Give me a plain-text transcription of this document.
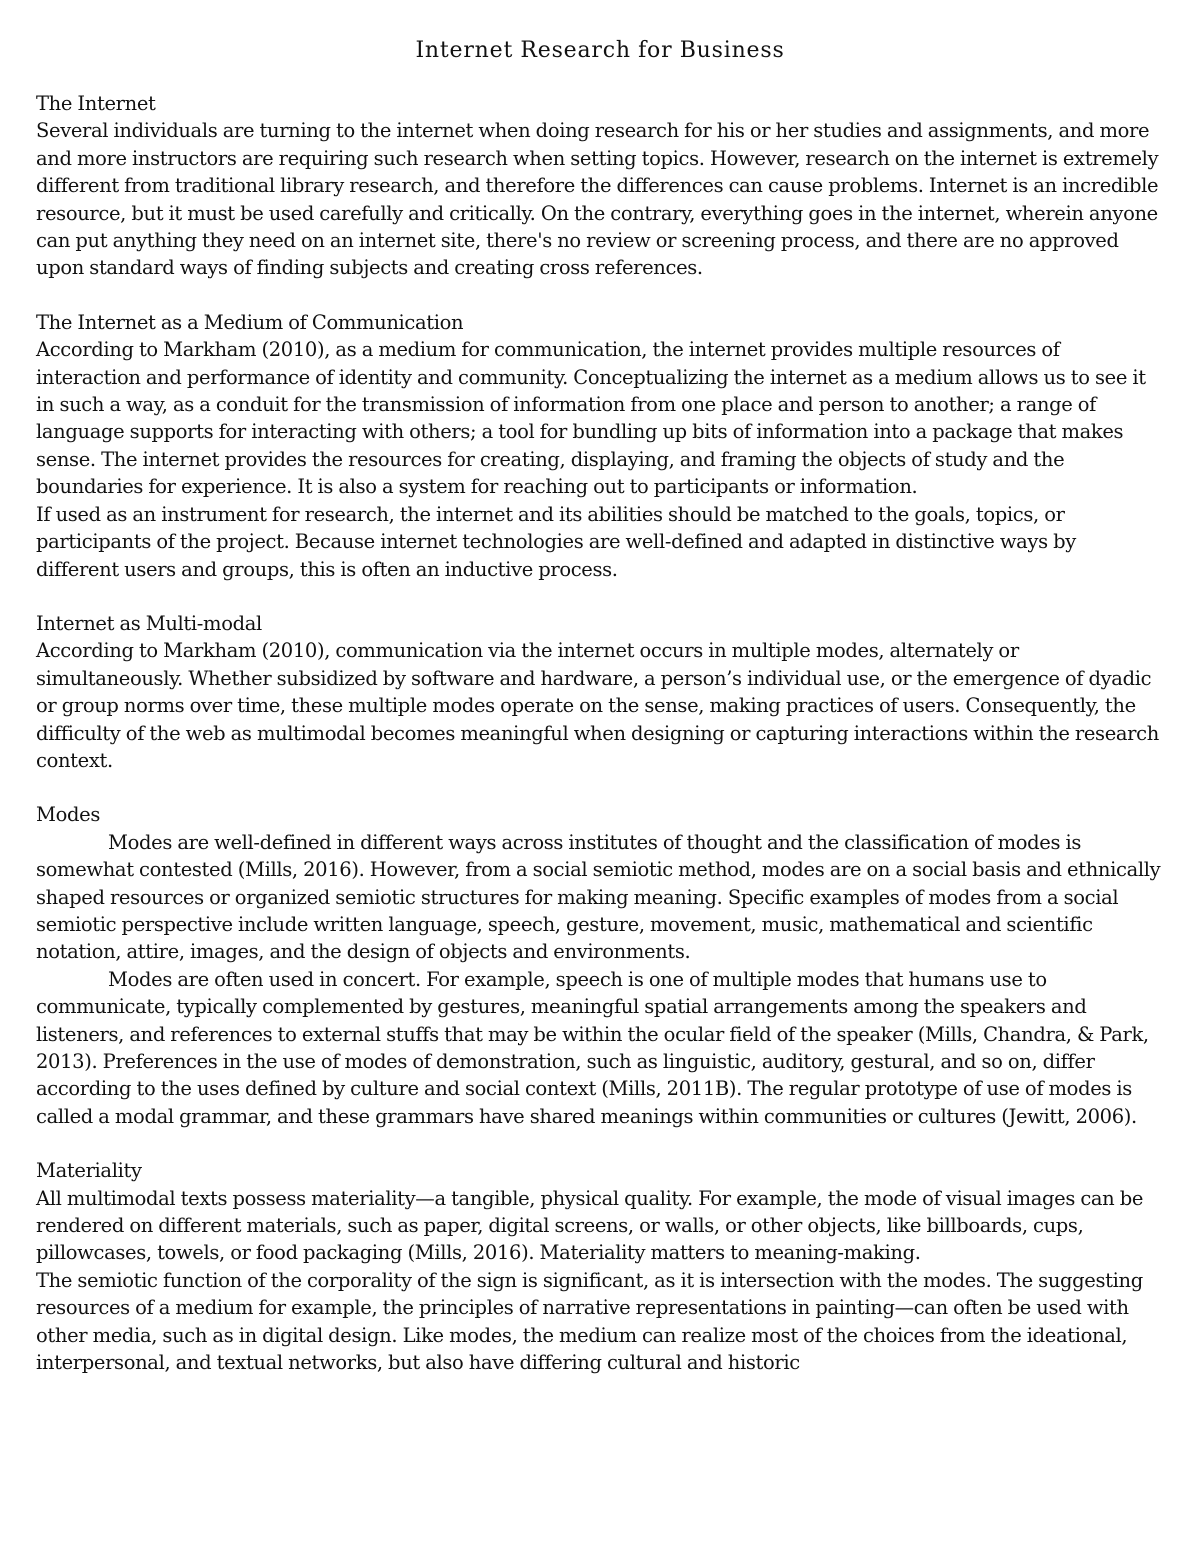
Internet Research for Business
The Internet

Several individuals are turning to the internet when doing research for his or her studies and assignments, and more and more instructors are requiring such research when setting topics. However, research on the internet is extremely different from traditional library research, and therefore the differences can cause problems. Internet is an incredible resource, but it must be used carefully and critically. On the contrary, everything goes in the internet, wherein anyone can put anything they need on an internet site, there's no review or screening process, and there are no approved upon standard ways of finding subjects and creating cross references.

The Internet as a Medium of Communication

According to Markham (2010), as a medium for communication, the internet provides multiple resources of interaction and performance of identity and community. Conceptualizing the internet as a medium allows us to see it in such a way, as a conduit for the transmission of information from one place and person to another; a range of language supports for interacting with others; a tool for bundling up bits of information into a package that makes sense. The internet provides the resources for creating, displaying, and framing the objects of study and the boundaries for experience. It is also a system for reaching out to participants or information.

If used as an instrument for research, the internet and its abilities should be matched to the goals, topics, or participants of the project. Because internet technologies are well-defined and adapted in distinctive ways by different users and groups, this is often an inductive process.

Internet as Multi-modal

According to Markham (2010), communication via the internet occurs in multiple modes, alternately or simultaneously. Whether subsidized by software and hardware, a person’s individual use, or the emergence of dyadic or group norms over time, these multiple modes operate on the sense, making practices of users. Consequently, the difficulty of the web as multimodal becomes meaningful when designing or capturing interactions within the research context.

Modes

Modes are well-defined in different ways across institutes of thought and the classification of modes is somewhat contested (Mills, 2016). However, from a social semiotic method, modes are on a social basis and ethnically shaped resources or organized semiotic structures for making meaning. Specific examples of modes from a social semiotic perspective include written language, speech, gesture, movement, music, mathematical and scientific notation, attire, images, and the design of objects and environments.

Modes are often used in concert. For example, speech is one of multiple modes that humans use to communicate, typically complemented by gestures, meaningful spatial arrangements among the speakers and listeners, and references to external stuffs that may be within the ocular field of the speaker (Mills, Chandra, & Park, 2013). Preferences in the use of modes of demonstration, such as linguistic, auditory, gestural, and so on, differ according to the uses defined by culture and social context (Mills, 2011B). The regular prototype of use of modes is called a modal grammar, and these grammars have shared meanings within communities or cultures (Jewitt, 2006).

Materiality

All multimodal texts possess materiality—a tangible, physical quality. For example, the mode of visual images can be rendered on different materials, such as paper, digital screens, or walls, or other objects, like billboards, cups, pillowcases, towels, or food packaging (Mills, 2016). Materiality matters to meaning-making.

The semiotic function of the corporality of the sign is significant, as it is intersection with the modes. The suggesting resources of a medium for example, the principles of narrative representations in painting—can often be used with other media, such as in digital design. Like modes, the medium can realize most of the choices from the ideational, interpersonal, and textual networks, but also have differing cultural and historic
